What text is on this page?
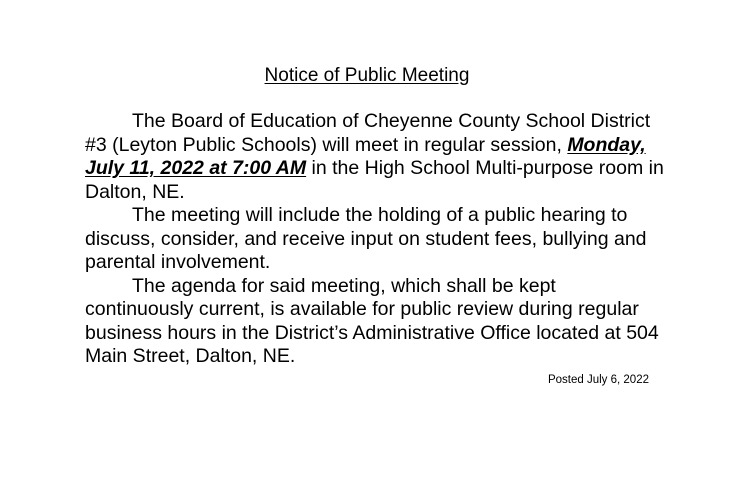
Notice of Public Meeting

The Board of Education of Cheyenne County School District #3 (Leyton Public Schools) will meet in regular session, Monday, July 11, 2022 at 7:00 AM in the High School Multi-purpose room in Dalton, NE.

The meeting will include the holding of a public hearing to discuss, consider, and receive input on student fees, bullying and parental involvement.

The agenda for said meeting, which shall be kept continuously current, is available for public review during regular business hours in the District’s Administrative Office located at 504 Main Street, Dalton, NE.

Posted July 6, 2022
